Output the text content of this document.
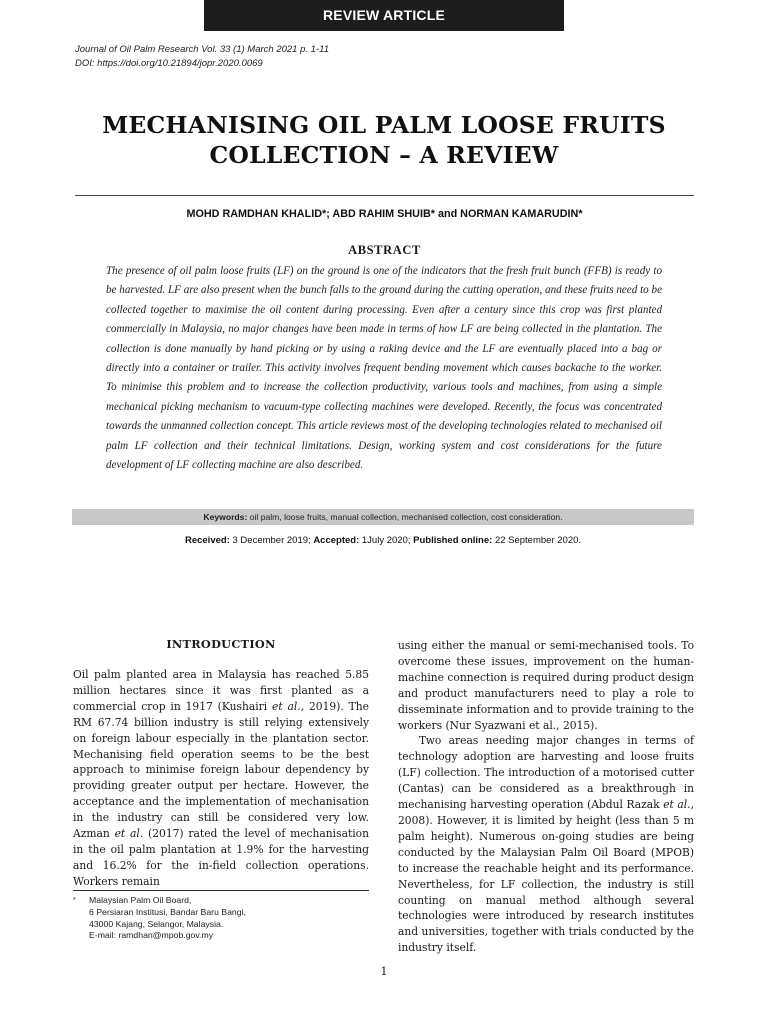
REVIEW ARTICLE
Journal of Oil Palm Research Vol. 33 (1) March 2021 p. 1-11
DOI: https://doi.org/10.21894/jopr.2020.0069
MECHANISING OIL PALM LOOSE FRUITS
COLLECTION – A REVIEW
MOHD RAMDHAN KHALID*; ABD RAHIM SHUIB* and NORMAN KAMARUDIN*
ABSTRACT
The presence of oil palm loose fruits (LF) on the ground is one of the indicators that the fresh fruit bunch (FFB) is ready to be harvested. LF are also present when the bunch falls to the ground during the cutting operation, and these fruits need to be collected together to maximise the oil content during processing. Even after a century since this crop was first planted commercially in Malaysia, no major changes have been made in terms of how LF are being collected in the plantation. The collection is done manually by hand picking or by using a raking device and the LF are eventually placed into a bag or directly into a container or trailer. This activity involves frequent bending movement which causes backache to the worker. To minimise this problem and to increase the collection productivity, various tools and machines, from using a simple mechanical picking mechanism to vacuum-type collecting machines were developed. Recently, the focus was concentrated towards the unmanned collection concept. This article reviews most of the developing technologies related to mechanised oil palm LF collection and their technical limitations. Design, working system and cost considerations for the future development of LF collecting machine are also described.
Keywords: oil palm, loose fruits, manual collection, mechanised collection, cost consideration.
Received: 3 December 2019; Accepted: 1July 2020; Published online: 22 September 2020.
INTRODUCTION

Oil palm planted area in Malaysia has reached 5.85 million hectares since it was first planted as a commercial crop in 1917 (Kushairi et al., 2019). The RM 67.74 billion industry is still relying extensively on foreign labour especially in the plantation sector. Mechanising field operation seems to be the best approach to minimise foreign labour dependency by providing greater output per hectare. However, the acceptance and the implementation of mechanisation in the industry can still be considered very low. Azman et al. (2017) rated the level of mechanisation in the oil palm plantation at 1.9% for the harvesting and 16.2% for the in-field collection operations. Workers remain

using either the manual or semi-mechanised tools. To overcome these issues, improvement on the human-machine connection is required during product design and product manufacturers need to play a role to disseminate information and to provide training to the workers (Nur Syazwani et al., 2015).

Two areas needing major changes in terms of technology adoption are harvesting and loose fruits (LF) collection. The introduction of a motorised cutter (Cantas) can be considered as a breakthrough in mechanising harvesting operation (Abdul Razak et al., 2008). However, it is limited by height (less than 5 m palm height). Numerous on-going studies are being conducted by the Malaysian Palm Oil Board (MPOB) to increase the reachable height and its performance. Nevertheless, for LF collection, the industry is still counting on manual method although several technologies were introduced by research institutes and universities, together with trials conducted by the industry itself.

* Malaysian Palm Oil Board,
6 Persiaran Institusi, Bandar Baru Bangi,
43000 Kajang, Selangor, Malaysia.
E-mail: ramdhan@mpob.gov.my
1
